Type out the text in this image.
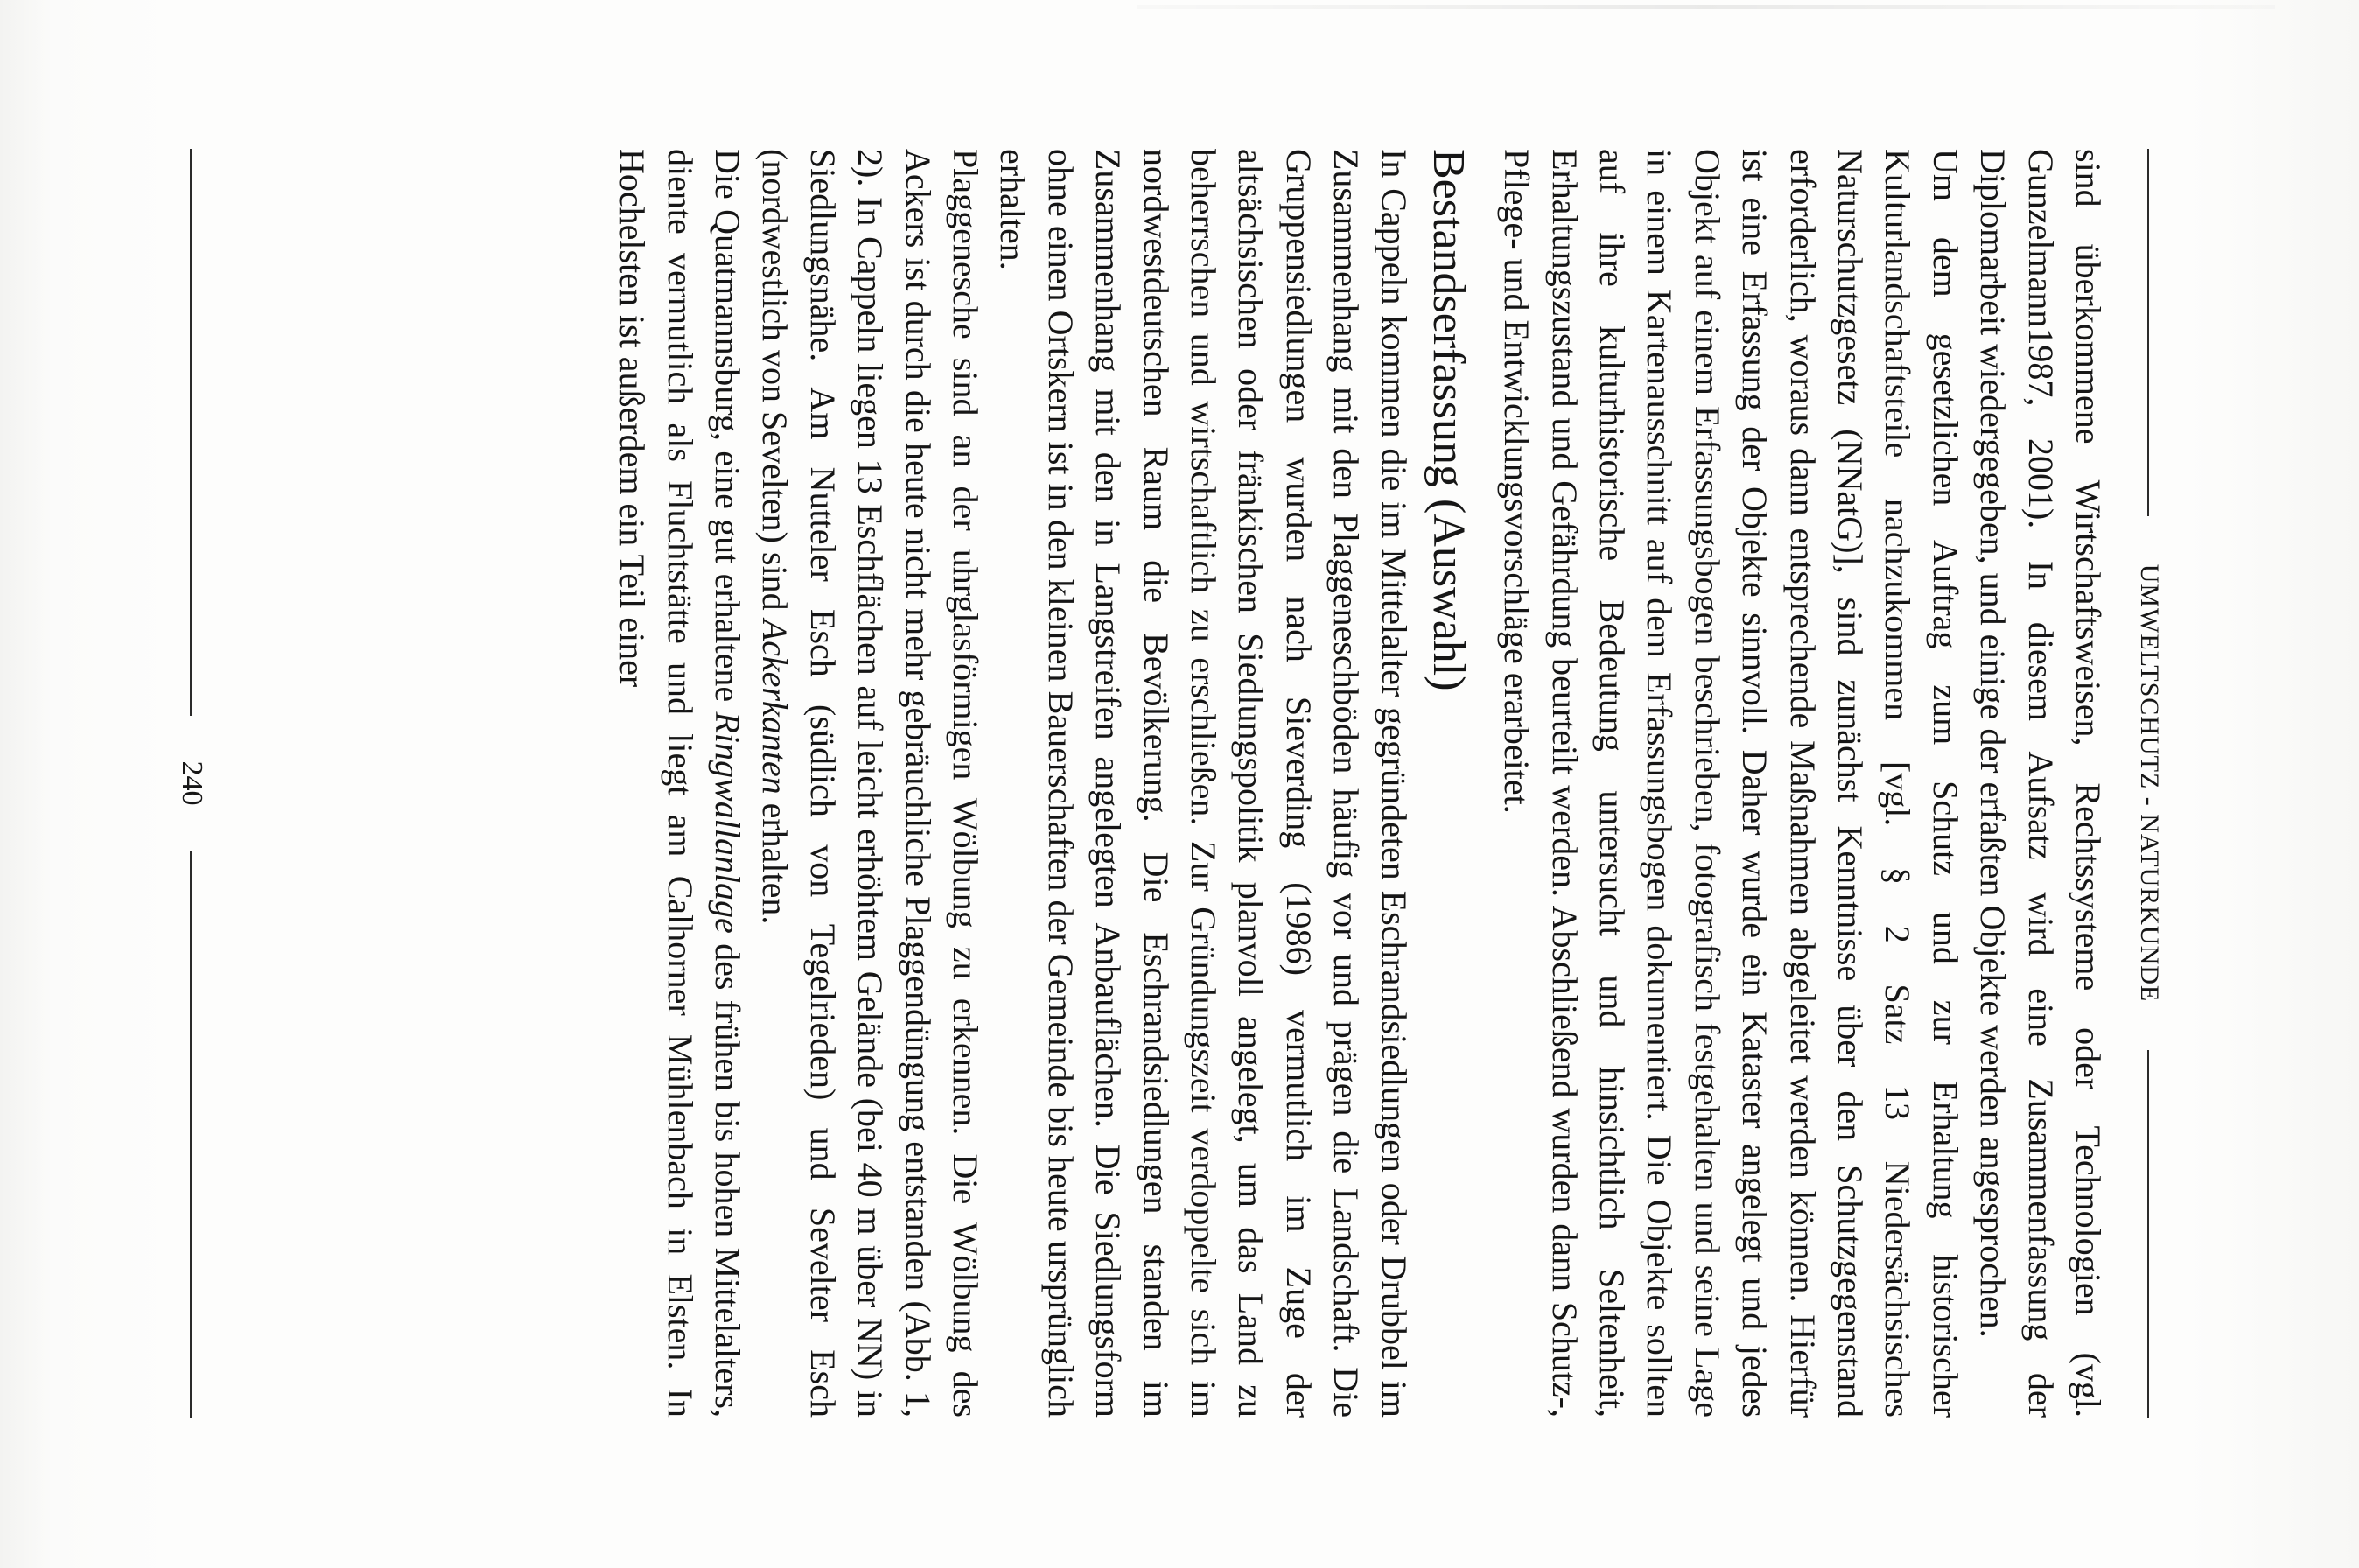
UMWELTSCHUTZ - NATURKUNDE

sind überkommene Wirtschaftsweisen, Rechtssysteme oder Technologien (vgl. Gunzelmann1987, 2001). In diesem Aufsatz wird eine Zusammenfassung der Diplomarbeit wiedergegeben, und einige der erfaßten Objekte werden angesprochen.

Um dem gesetzlichen Auftrag zum Schutz und zur Erhaltung historischer Kulturlandschaftsteile nachzukommen [vgl. § 2 Satz 13 Niedersächsisches Naturschutzgesetz (NNatG)], sind zunächst Kenntnisse über den Schutzgegenstand erforderlich, woraus dann entsprechende Maßnahmen abgeleitet werden können. Hierfür ist eine Erfassung der Objekte sinnvoll. Daher wurde ein Kataster angelegt und jedes Objekt auf einem Erfassungsbogen beschrieben, fotografisch festgehalten und seine Lage in einem Kartenausschnitt auf dem Erfassungsbogen dokumentiert. Die Objekte sollten auf ihre kulturhistorische Bedeutung untersucht und hinsichtlich Seltenheit, Erhaltungszustand und Gefährdung beurteilt werden. Abschließend wurden dann Schutz-, Pflege- und Entwicklungsvorschläge erarbeitet.

Bestandserfassung (Auswahl)

In Cappeln kommen die im Mittelalter gegründeten Eschrandsiedlungen oder Drubbel im Zusammenhang mit den Plaggeneschböden häufig vor und prägen die Landschaft. Die Gruppensiedlungen wurden nach Sieverding (1986) vermutlich im Zuge der altsächsischen oder fränkischen Siedlungspolitik planvoll angelegt, um das Land zu beherrschen und wirtschaftlich zu erschließen. Zur Gründungszeit verdoppelte sich im nordwestdeutschen Raum die Bevölkerung. Die Eschrandsiedlungen standen im Zusammenhang mit den in Langstreifen angelegten Anbauflächen. Die Siedlungsform ohne einen Ortskern ist in den kleinen Bauerschaften der Gemeinde bis heute ursprünglich erhalten.

Plaggenesche sind an der uhrglasförmigen Wölbung zu erkennen. Die Wölbung des Ackers ist durch die heute nicht mehr gebräuchliche Plaggendüngung entstanden (Abb. 1, 2). In Cappeln liegen 13 Eschflächen auf leicht erhöhtem Gelände (bei 40 m über NN) in Siedlungsnähe. Am Nutteler Esch (südlich von Tegelrieden) und Sevelter Esch (nordwestlich von Sevelten) sind Ackerkanten erhalten.

Die Quatmannsburg, eine gut erhaltene Ringwallanlage des frühen bis hohen Mittelalters, diente vermutlich als Fluchtstätte und liegt am Calhorner Mühlenbach in Elsten. In Hochelsten ist außerdem ein Teil einer

240
